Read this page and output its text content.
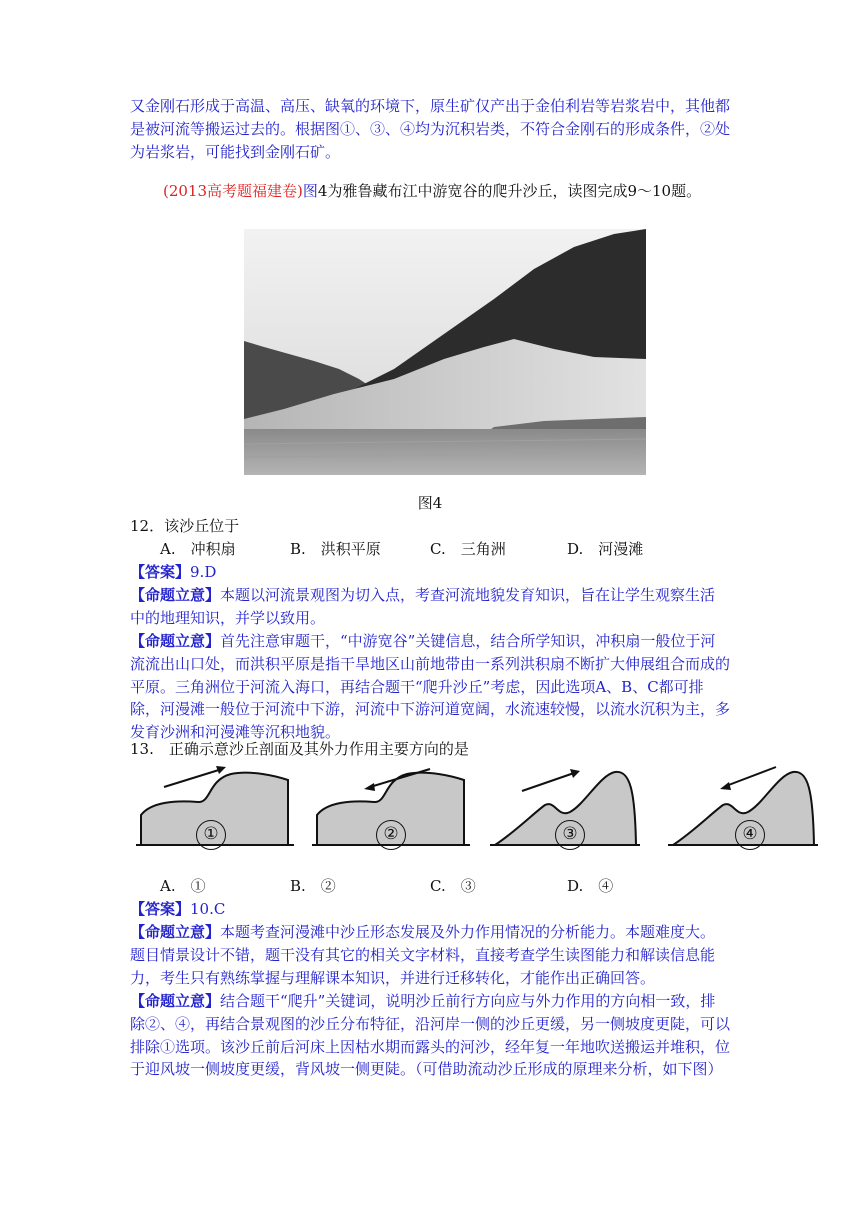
又金刚石形成于高温、高压、缺氧的环境下，原生矿仅产出于金伯利岩等岩浆岩中，其他都是被河流等搬运过去的。根据图①、③、④均为沉积岩类，不符合金刚石的形成条件，②处为岩浆岩，可能找到金刚石矿。
(2013高考题福建卷)图4为雅鲁藏布江中游宽谷的爬升沙丘，读图完成9～10题。
图4
12．该沙丘位于
A.　冲积扇	B.　洪积平原	C.　三角洲	D.　河漫滩
【答案】9.D
【命题立意】本题以河流景观图为切入点，考查河流地貌发育知识，旨在让学生观察生活中的地理知识，并学以致用。
【命题立意】首先注意审题干，“中游宽谷”关键信息，结合所学知识，冲积扇一般位于河流流出山口处，而洪积平原是指干旱地区山前地带由一系列洪积扇不断扩大伸展组合而成的平原。三角洲位于河流入海口，再结合题干“爬升沙丘”考虑，因此选项A、B、C都可排除，河漫滩一般位于河流中下游，河流中下游河道宽阔，水流速较慢，以流水沉积为主，多发育沙洲和河漫滩等沉积地貌。
13.　正确示意沙丘剖面及其外力作用主要方向的是
①	②	③	④
A.　①	B.　②	C.　③	D.　④
【答案】10.C
【命题立意】本题考查河漫滩中沙丘形态发展及外力作用情况的分析能力。本题难度大。题目情景设计不错，题干没有其它的相关文字材料，直接考查学生读图能力和解读信息能力，考生只有熟练掌握与理解课本知识，并进行迁移转化，才能作出正确回答。
【命题立意】结合题干“爬升”关键词，说明沙丘前行方向应与外力作用的方向相一致，排除②、④，再结合景观图的沙丘分布特征，沿河岸一侧的沙丘更缓，另一侧坡度更陡，可以排除①选项。该沙丘前后河床上因枯水期而露头的河沙，经年复一年地吹送搬运并堆积，位于迎风坡一侧坡度更缓，背风坡一侧更陡。（可借助流动沙丘形成的原理来分析，如下图）
